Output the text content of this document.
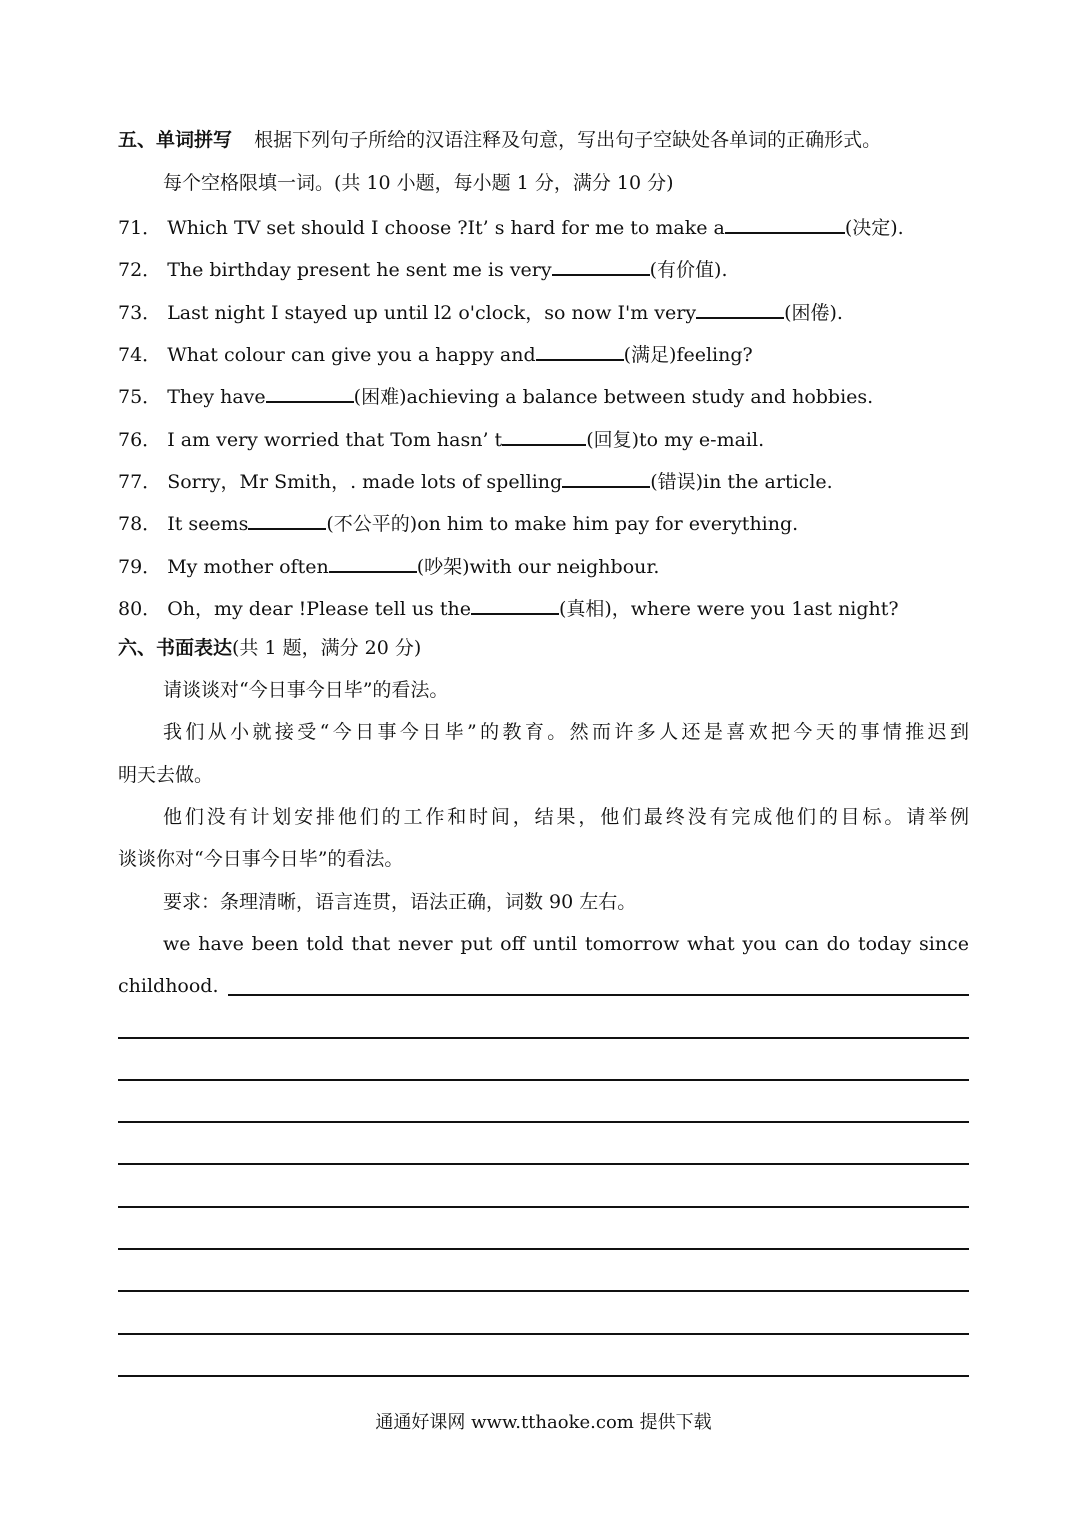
五、单词拼写 根据下列句子所给的汉语注释及句意，写出句子空缺处各单词的正确形式。
每个空格限填一词。(共 10 小题，每小题 1 分，满分 10 分)
71． Which TV set should I choose ?It’ s hard for me to make a	(决定).
72． The birthday present he sent me is very	(有价值).
73． Last night I stayed up until l2 o'clock，so now I'm very	(困倦).
74． What colour can give you a happy and	(满足)feeling?
75． They have	(困难)achieving a balance between study and hobbies.
76． I am very worried that Tom hasn’ t	(回复)to my e-mail.
77． Sorry，Mr Smith，. made lots of spelling	(错误)in the article.
78． It seems	(不公平的)on him to make him pay for everything.
79． My mother often	(吵架)with our neighbour.
80． Oh，my dear !Please tell us the	(真相)，where were you 1ast night?
六、书面表达(共 1 题，满分 20 分)
请谈谈对“今日事今日毕”的看法。
我们从小就接受“今日事今日毕”的教育。然而许多人还是喜欢把今天的事情推迟到
明天去做。
他们没有计划安排他们的工作和时间，结果，他们最终没有完成他们的目标。请举例
谈谈你对“今日事今日毕”的看法。
要求：条理清晰，语言连贯，语法正确，词数 90 左右。
we have been told that never put off until tomorrow what you can do today since
childhood.
通通好课网 www.tthaoke.com 提供下载
